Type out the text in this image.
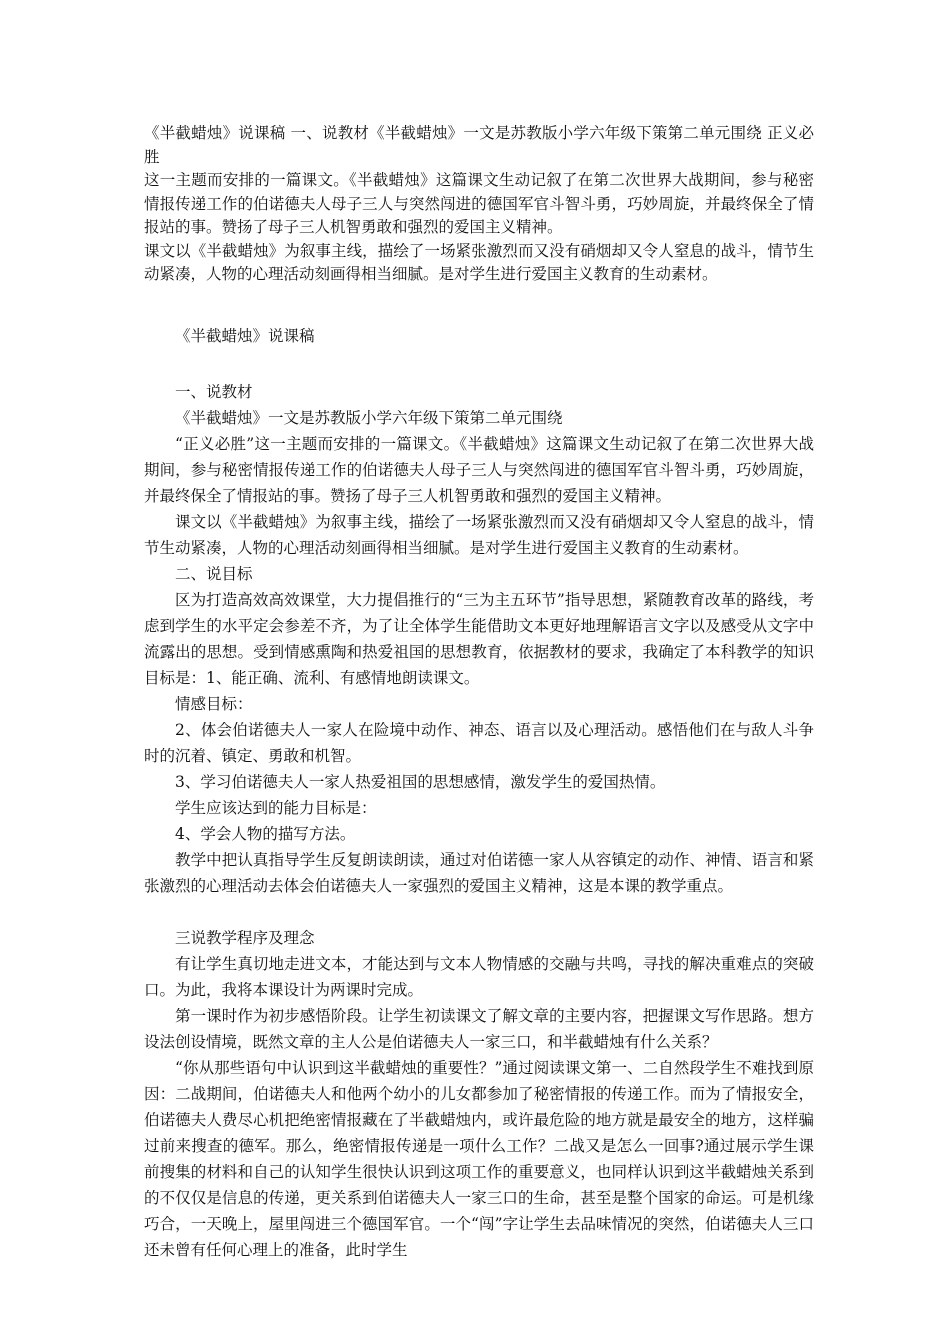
《半截蜡烛》说课稿 一、说教材《半截蜡烛》一文是苏教版小学六年级下策第二单元围绕 正义必胜

这一主题而安排的一篇课文。《半截蜡烛》这篇课文生动记叙了在第二次世界大战期间，参与秘密情报传递工作的伯诺德夫人母子三人与突然闯进的德国军官斗智斗勇，巧妙周旋，并最终保全了情报站的事。赞扬了母子三人机智勇敢和强烈的爱国主义精神。

课文以《半截蜡烛》为叙事主线，描绘了一场紧张激烈而又没有硝烟却又令人窒息的战斗，情节生动紧凑，人物的心理活动刻画得相当细腻。是对学生进行爱国主义教育的生动素材。

《半截蜡烛》说课稿

一、说教材

《半截蜡烛》一文是苏教版小学六年级下策第二单元围绕

“正义必胜”这一主题而安排的一篇课文。《半截蜡烛》这篇课文生动记叙了在第二次世界大战期间，参与秘密情报传递工作的伯诺德夫人母子三人与突然闯进的德国军官斗智斗勇，巧妙周旋，并最终保全了情报站的事。赞扬了母子三人机智勇敢和强烈的爱国主义精神。

课文以《半截蜡烛》为叙事主线，描绘了一场紧张激烈而又没有硝烟却又令人窒息的战斗，情节生动紧凑，人物的心理活动刻画得相当细腻。是对学生进行爱国主义教育的生动素材。

二、说目标

区为打造高效高效课堂，大力提倡推行的“三为主五环节”指导思想，紧随教育改革的路线，考虑到学生的水平定会参差不齐，为了让全体学生能借助文本更好地理解语言文字以及感受从文字中流露出的思想。受到情感熏陶和热爱祖国的思想教育，依据教材的要求，我确定了本科教学的知识目标是：1、能正确、流利、有感情地朗读课文。

情感目标：

2、体会伯诺德夫人一家人在险境中动作、神态、语言以及心理活动。感悟他们在与敌人斗争时的沉着、镇定、勇敢和机智。

3、学习伯诺德夫人一家人热爱祖国的思想感情，激发学生的爱国热情。

学生应该达到的能力目标是：

4、学会人物的描写方法。

教学中把认真指导学生反复朗读朗读，通过对伯诺德一家人从容镇定的动作、神情、语言和紧张激烈的心理活动去体会伯诺德夫人一家强烈的爱国主义精神，这是本课的教学重点。

三说教学程序及理念

有让学生真切地走进文本，才能达到与文本人物情感的交融与共鸣，寻找的解决重难点的突破口。为此，我将本课设计为两课时完成。

第一课时作为初步感悟阶段。让学生初读课文了解文章的主要内容，把握课文写作思路。想方设法创设情境，既然文章的主人公是伯诺德夫人一家三口，和半截蜡烛有什么关系？

“你从那些语句中认识到这半截蜡烛的重要性？”通过阅读课文第一、二自然段学生不难找到原因：二战期间，伯诺德夫人和他两个幼小的儿女都参加了秘密情报的传递工作。而为了情报安全，伯诺德夫人费尽心机把绝密情报藏在了半截蜡烛内，或许最危险的地方就是最安全的地方，这样骗过前来搜查的德军。那么，绝密情报传递是一项什么工作？二战又是怎么一回事?通过展示学生课前搜集的材料和自己的认知学生很快认识到这项工作的重要意义，也同样认识到这半截蜡烛关系到的不仅仅是信息的传递，更关系到伯诺德夫人一家三口的生命，甚至是整个国家的命运。可是机缘巧合，一天晚上，屋里闯进三个德国军官。一个“闯”字让学生去品味情况的突然，伯诺德夫人三口还未曾有任何心理上的准备，此时学生
